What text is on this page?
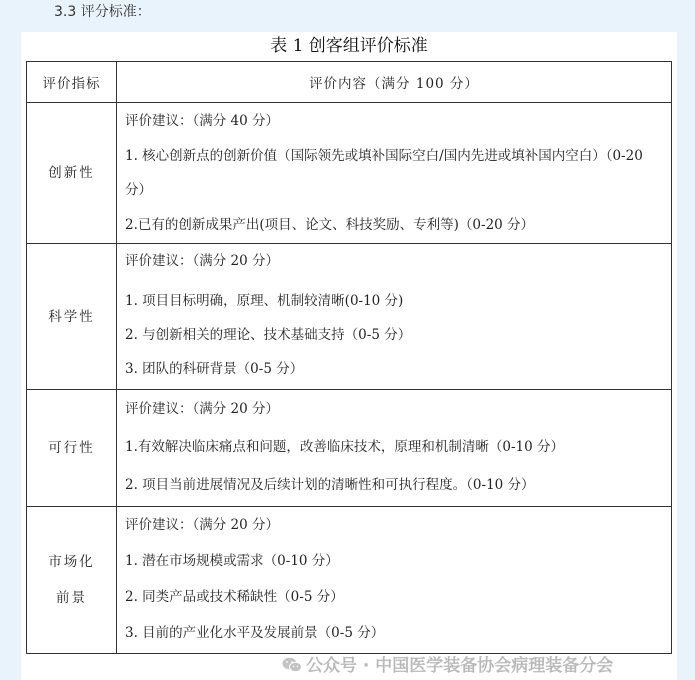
3.3 评分标准：
表 1 创客组评价标准
评价指标	评价内容（满分 100 分）

创新性	评价建议：（满分 40 分）
1. 核心创新点的创新价值（国际领先或填补国际空白/国内先进或填补国内空白）（0-20 分）
2.已有的创新成果产出(项目、论文、科技奖励、专利等)（0-20 分）

科学性	评价建议：（满分 20 分）
1. 项目目标明确，原理、机制较清晰(0-10 分)
2. 与创新相关的理论、技术基础支持（0-5 分）
3. 团队的科研背景（0-5 分）

可行性	评价建议：（满分 20 分）
1.有效解决临床痛点和问题，改善临床技术，原理和机制清晰（0-10 分）
2. 项目当前进展情况及后续计划的清晰性和可执行程度。（0-10 分）

市场化
前景	评价建议：（满分 20 分）
1. 潜在市场规模或需求（0-10 分）
2. 同类产品或技术稀缺性（0-5 分）
3. 目前的产业化水平及发展前景（0-5 分）
公众号 · 中国医学装备协会病理装备分会
